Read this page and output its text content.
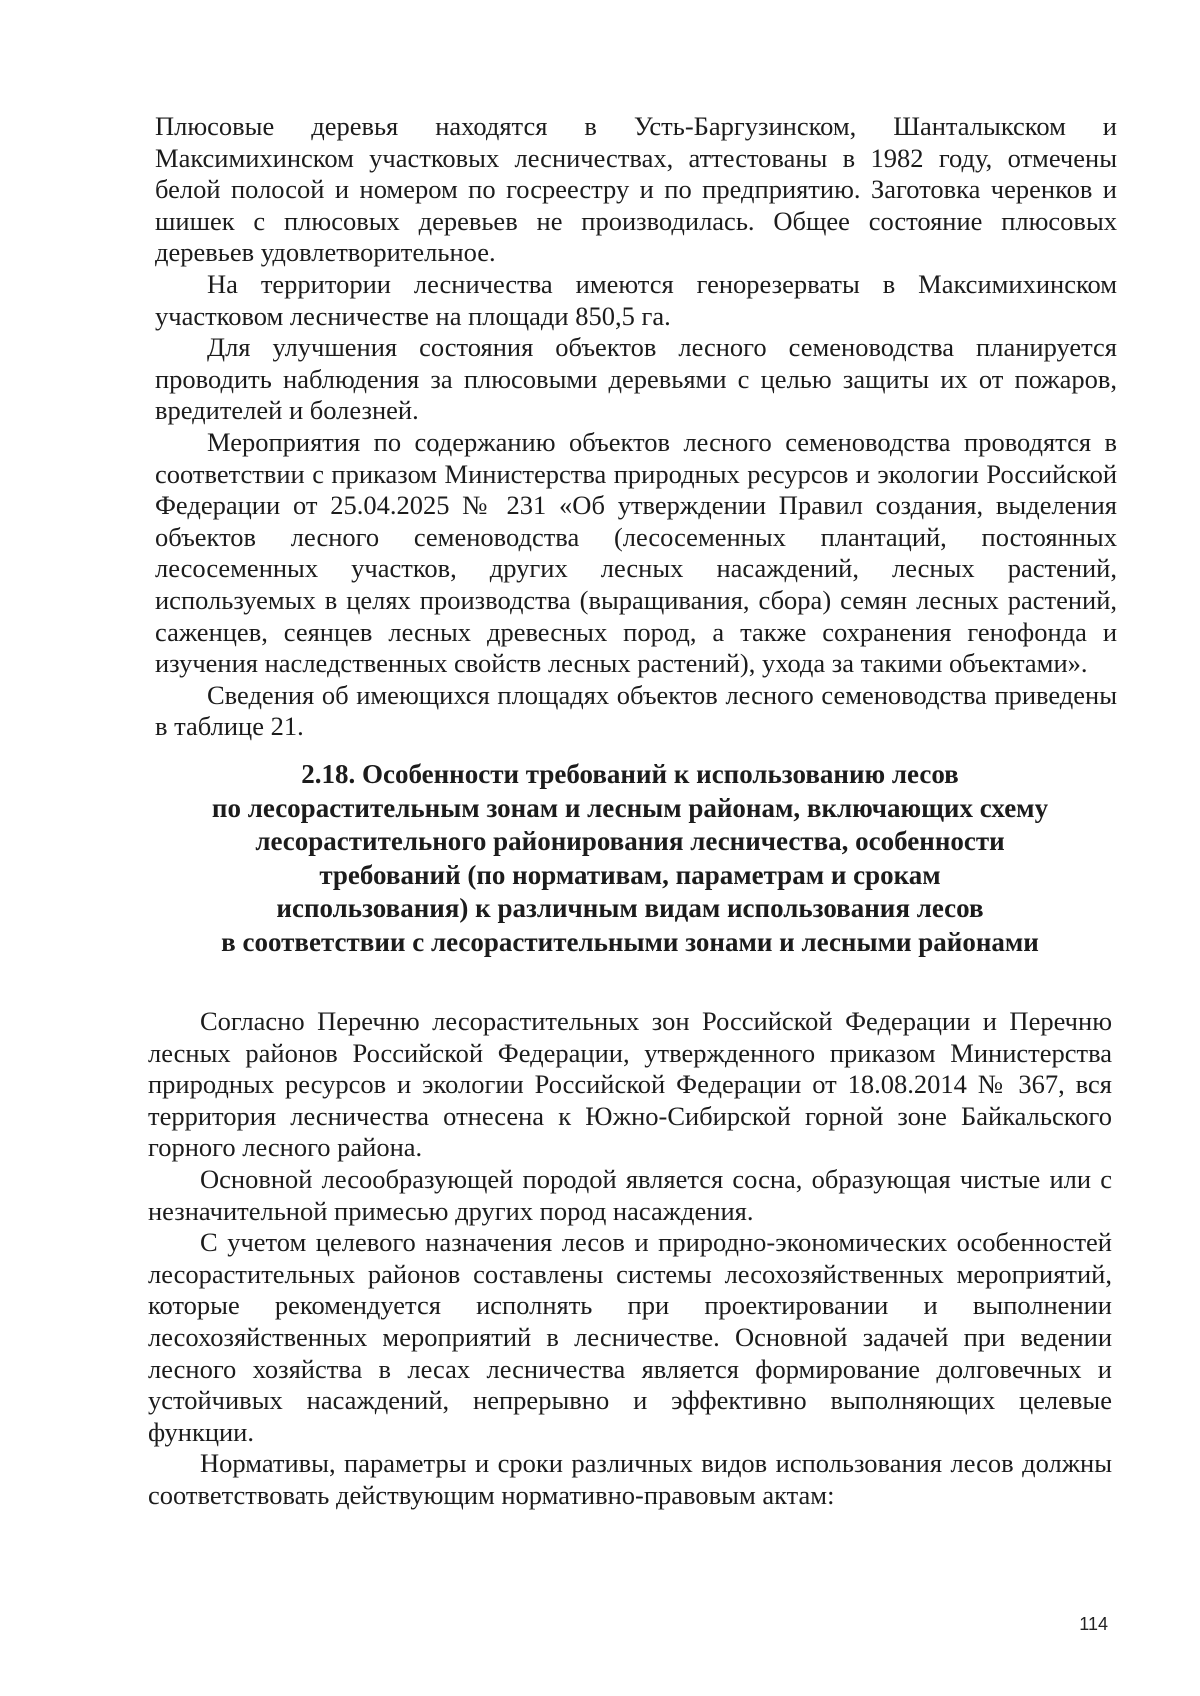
Плюсовые деревья находятся в Усть-Баргузинском, Шанталыкском и Максимихинском участковых лесничествах, аттестованы в 1982 году, отмечены белой полосой и номером по госреестру и по предприятию. Заготовка черенков и шишек с плюсовых деревьев не производилась. Общее состояние плюсовых деревьев удовлетворительное.

На территории лесничества имеются генорезерваты в Максимихинском участковом лесничестве на площади 850,5 га.

Для улучшения состояния объектов лесного семеноводства планируется проводить наблюдения за плюсовыми деревьями с целью защиты их от пожаров, вредителей и болезней.

Мероприятия по содержанию объектов лесного семеноводства проводятся в соответствии с приказом Министерства природных ресурсов и экологии Российской Федерации от 25.04.2025 № 231 «Об утверждении Правил создания, выделения объектов лесного семеноводства (лесосеменных плантаций, постоянных лесосеменных участков, других лесных насаждений, лесных растений, используемых в целях производства (выращивания, сбора) семян лесных растений, саженцев, сеянцев лесных древесных пород, а также сохранения генофонда и изучения наследственных свойств лесных растений), ухода за такими объектами».

Сведения об имеющихся площадях объектов лесного семеноводства приведены в таблице 21.

2.18. Особенности требований к использованию лесов
по лесорастительным зонам и лесным районам, включающих схему
лесорастительного районирования лесничества, особенности
требований (по нормативам, параметрам и срокам
использования) к различным видам использования лесов
в соответствии с лесорастительными зонами и лесными районами

Согласно Перечню лесорастительных зон Российской Федерации и Перечню лесных районов Российской Федерации, утвержденного приказом Министерства природных ресурсов и экологии Российской Федерации от 18.08.2014 № 367, вся территория лесничества отнесена к Южно-Сибирской горной зоне Байкальского горного лесного района.

Основной лесообразующей породой является сосна, образующая чистые или с незначительной примесью других пород насаждения.

С учетом целевого назначения лесов и природно-экономических особенностей лесорастительных районов составлены системы лесохозяйственных мероприятий, которые рекомендуется исполнять при проектировании и выполнении лесохозяйственных мероприятий в лесничестве. Основной задачей при ведении лесного хозяйства в лесах лесничества является формирование долговечных и устойчивых насаждений, непрерывно и эффективно выполняющих целевые функции.

Нормативы, параметры и сроки различных видов использования лесов должны соответствовать действующим нормативно-правовым актам:

114
